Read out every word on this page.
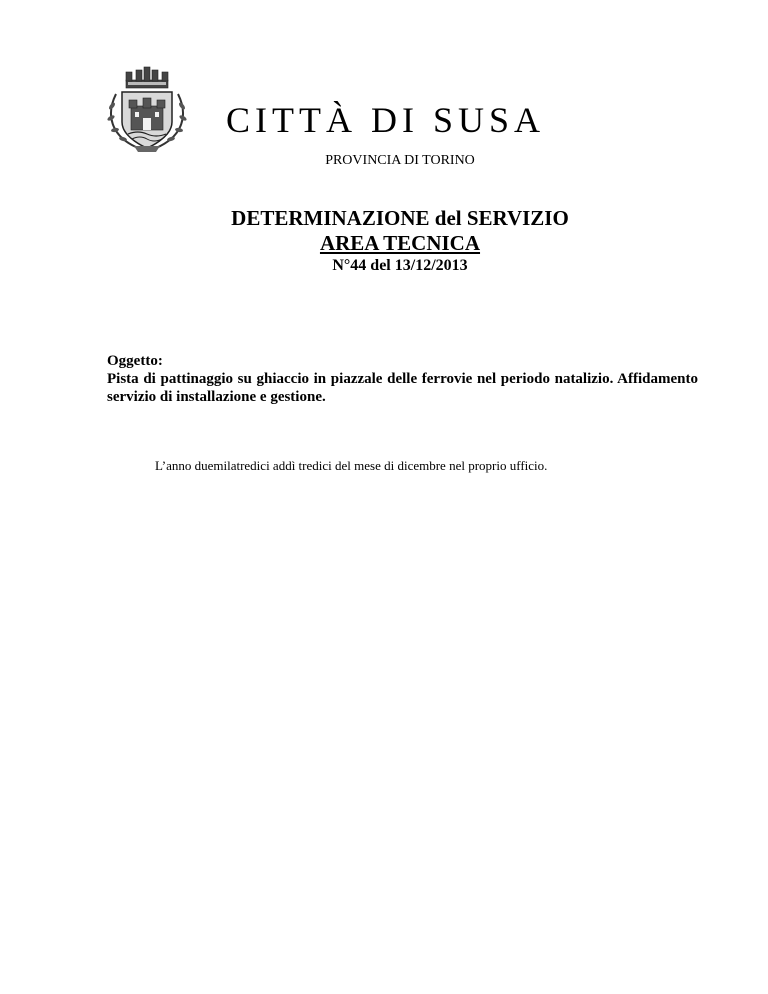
CITTÀ DI SUSA
PROVINCIA DI TORINO
DETERMINAZIONE del SERVIZIO
AREA TECNICA
N°44 del 13/12/2013
Oggetto:
Pista di pattinaggio su ghiaccio in piazzale delle ferrovie nel periodo natalizio. Affidamento servizio di installazione e gestione.
L’anno duemilatredici addì tredici del mese di dicembre nel proprio ufficio.
